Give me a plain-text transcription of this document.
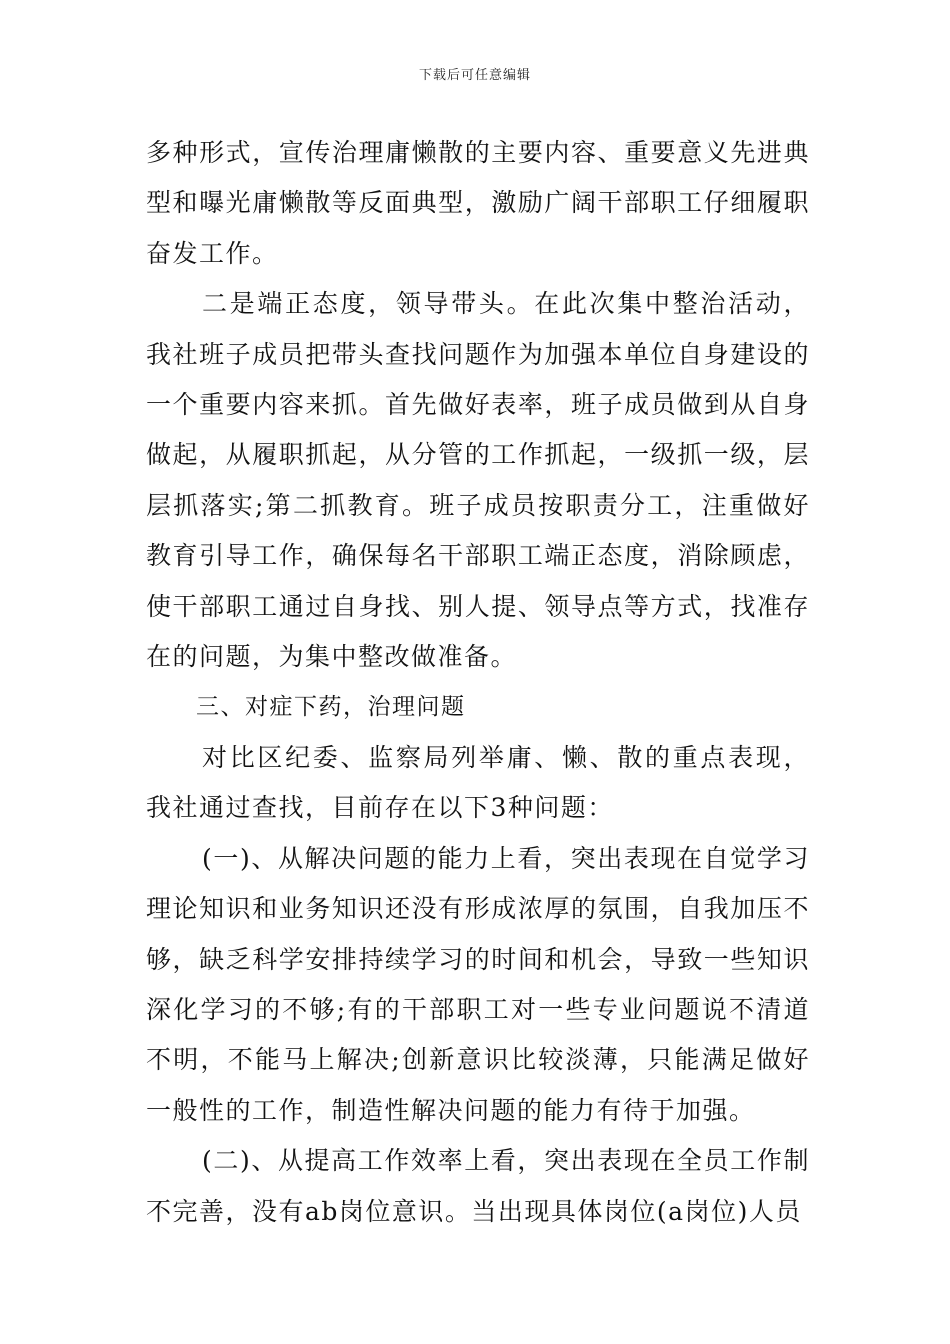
下载后可任意编辑

多种形式，宣传治理庸懒散的主要内容、重要意义先进典型和曝光庸懒散等反面典型，激励广阔干部职工仔细履职奋发工作。

二是端正态度，领导带头。在此次集中整治活动，我社班子成员把带头查找问题作为加强本单位自身建设的一个重要内容来抓。首先做好表率，班子成员做到从自身做起，从履职抓起，从分管的工作抓起，一级抓一级，层层抓落实;第二抓教育。班子成员按职责分工，注重做好教育引导工作，确保每名干部职工端正态度，消除顾虑，使干部职工通过自身找、别人提、领导点等方式，找准存在的问题，为集中整改做准备。

三、对症下药，治理问题

对比区纪委、监察局列举庸、懒、散的重点表现，我社通过查找，目前存在以下3种问题：

(一)、从解决问题的能力上看，突出表现在自觉学习理论知识和业务知识还没有形成浓厚的氛围，自我加压不够，缺乏科学安排持续学习的时间和机会，导致一些知识深化学习的不够;有的干部职工对一些专业问题说不清道不明，不能马上解决;创新意识比较淡薄，只能满足做好一般性的工作，制造性解决问题的能力有待于加强。

(二)、从提高工作效率上看，突出表现在全员工作制不完善，没有ab岗位意识。当出现具体岗位(a岗位)人员
